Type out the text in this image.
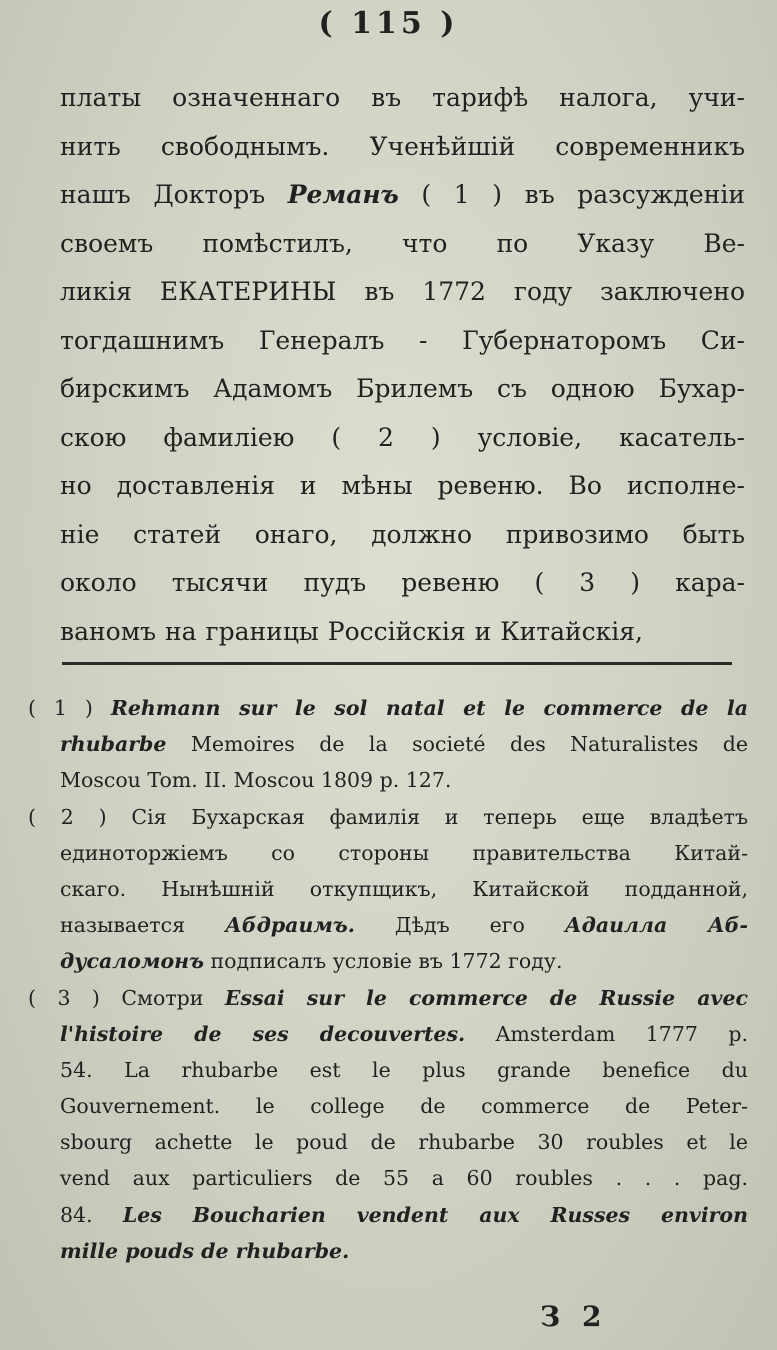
( 115 )
платы означеннаго въ тарифѣ налога, учи-
нить свободнымъ. Ученѣйшій современникъ
нашъ Докторъ Реманъ ( 1 ) въ разсужденіи
своемъ помѣстилъ, что по Указу Ве-
ликія ЕКАТЕРИНЫ въ 1772 году заключено
тогдашнимъ Генералъ - Губернаторомъ Си-
бирскимъ Адамомъ Брилемъ съ одною Бухар-
скою фамиліею ( 2 ) условіе, касатель-
но доставленія и мѣны ревеню. Во исполне-
ніе статей онаго, должно привозимо быть
около тысячи пудъ ревеню ( 3 ) кара-
ваномъ на границы Россійскія и Китайскія,
( 1 ) Rehmann sur le sol natal et le commerce de la
rhubarbe Memoires de la societé des Naturalistes de
Moscou Tom. II. Moscou 1809 p. 127.
( 2 ) Сія Бухарская фамилія и теперь еще владѣетъ
единоторжіемъ со стороны правительства Китай-
скаго. Нынѣшній откупщикъ, Китайской подданной,
называется Абдраимъ. Дѣдъ его Адаилла Аб-
дусаломонъ подписалъ условіе въ 1772 году.
( 3 ) Смотри Essai sur le commerce de Russie avec
l'histoire de ses decouvertes. Amsterdam 1777 p.
54. La rhubarbe est le plus grande benefice du
Gouvernement. le college de commerce de Peter-
sbourg achette le poud de rhubarbe 30 roubles et le
vend aux particuliers de 55 a 60 roubles . . . pag.
84. Les Boucharien vendent aux Russes environ
mille pouds de rhubarbe.
З 2
